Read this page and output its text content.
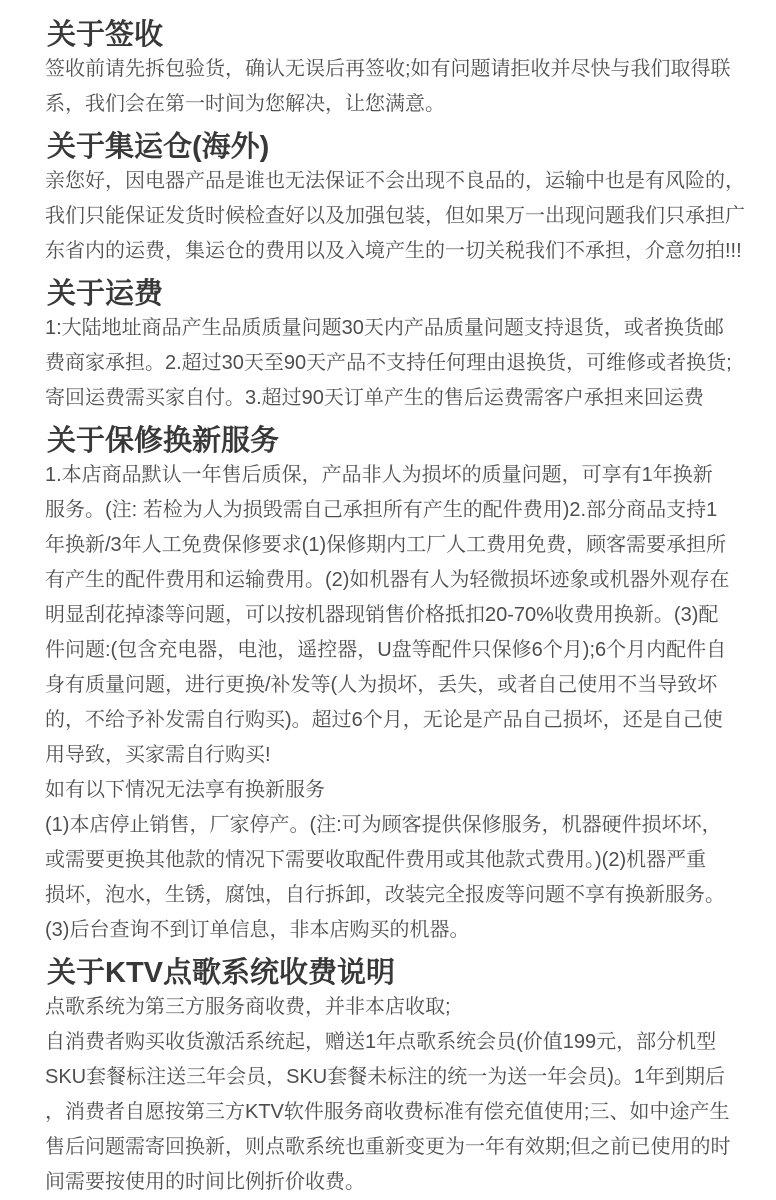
关于签收
签收前请先拆包验货，确认无误后再签收;如有问题请拒收并尽快与我们取得联
系，我们会在第一时间为您解决，让您满意。
关于集运仓(海外)
亲您好，因电器产品是谁也无法保证不会出现不良品的，运输中也是有风险的，
我们只能保证发货时候检查好以及加强包装，但如果万一出现问题我们只承担广
东省内的运费，集运仓的费用以及入境产生的一切关税我们不承担，介意勿拍!!!
关于运费
1:大陆地址商品产生品质质量问题30天内产品质量问题支持退货，或者换货邮
费商家承担。2.超过30天至90天产品不支持任何理由退换货，可维修或者换货;
寄回运费需买家自付。3.超过90天订单产生的售后运费需客户承担来回运费
关于保修换新服务
1.本店商品默认一年售后质保，产品非人为损坏的质量问题，可享有1年换新
服务。(注: 若检为人为损毁需自己承担所有产生的配件费用)2.部分商品支持1
年换新/3年人工免费保修要求(1)保修期内工厂人工费用免费，顾客需要承担所
有产生的配件费用和运输费用。(2)如机器有人为轻微损坏迹象或机器外观存在
明显刮花掉漆等问题，可以按机器现销售价格抵扣20-70%收费用换新。(3)配
件问题:(包含充电器，电池，遥控器，U盘等配件只保修6个月);6个月内配件自
身有质量问题，进行更换/补发等(人为损坏，丢失，或者自己使用不当导致坏
的，不给予补发需自行购买)。超过6个月，无论是产品自己损坏，还是自己使
用导致，买家需自行购买!
如有以下情况无法享有换新服务
(1)本店停止销售，厂家停产。(注:可为顾客提供保修服务，机器硬件损坏坏，
或需要更换其他款的情况下需要收取配件费用或其他款式费用。)(2)机器严重
损坏，泡水，生锈，腐蚀，自行拆卸，改装完全报废等问题不享有换新服务。
(3)后台查询不到订单信息，非本店购买的机器。
关于KTV点歌系统收费说明
点歌系统为第三方服务商收费，并非本店收取;
自消费者购买收货激活系统起，赠送1年点歌系统会员(价值199元，部分机型
SKU套餐标注送三年会员，SKU套餐未标注的统一为送一年会员)。1年到期后
，消费者自愿按第三方KTV软件服务商收费标准有偿充值使用;三、如中途产生
售后问题需寄回换新，则点歌系统也重新变更为一年有效期;但之前已使用的时
间需要按使用的时间比例折价收费。
